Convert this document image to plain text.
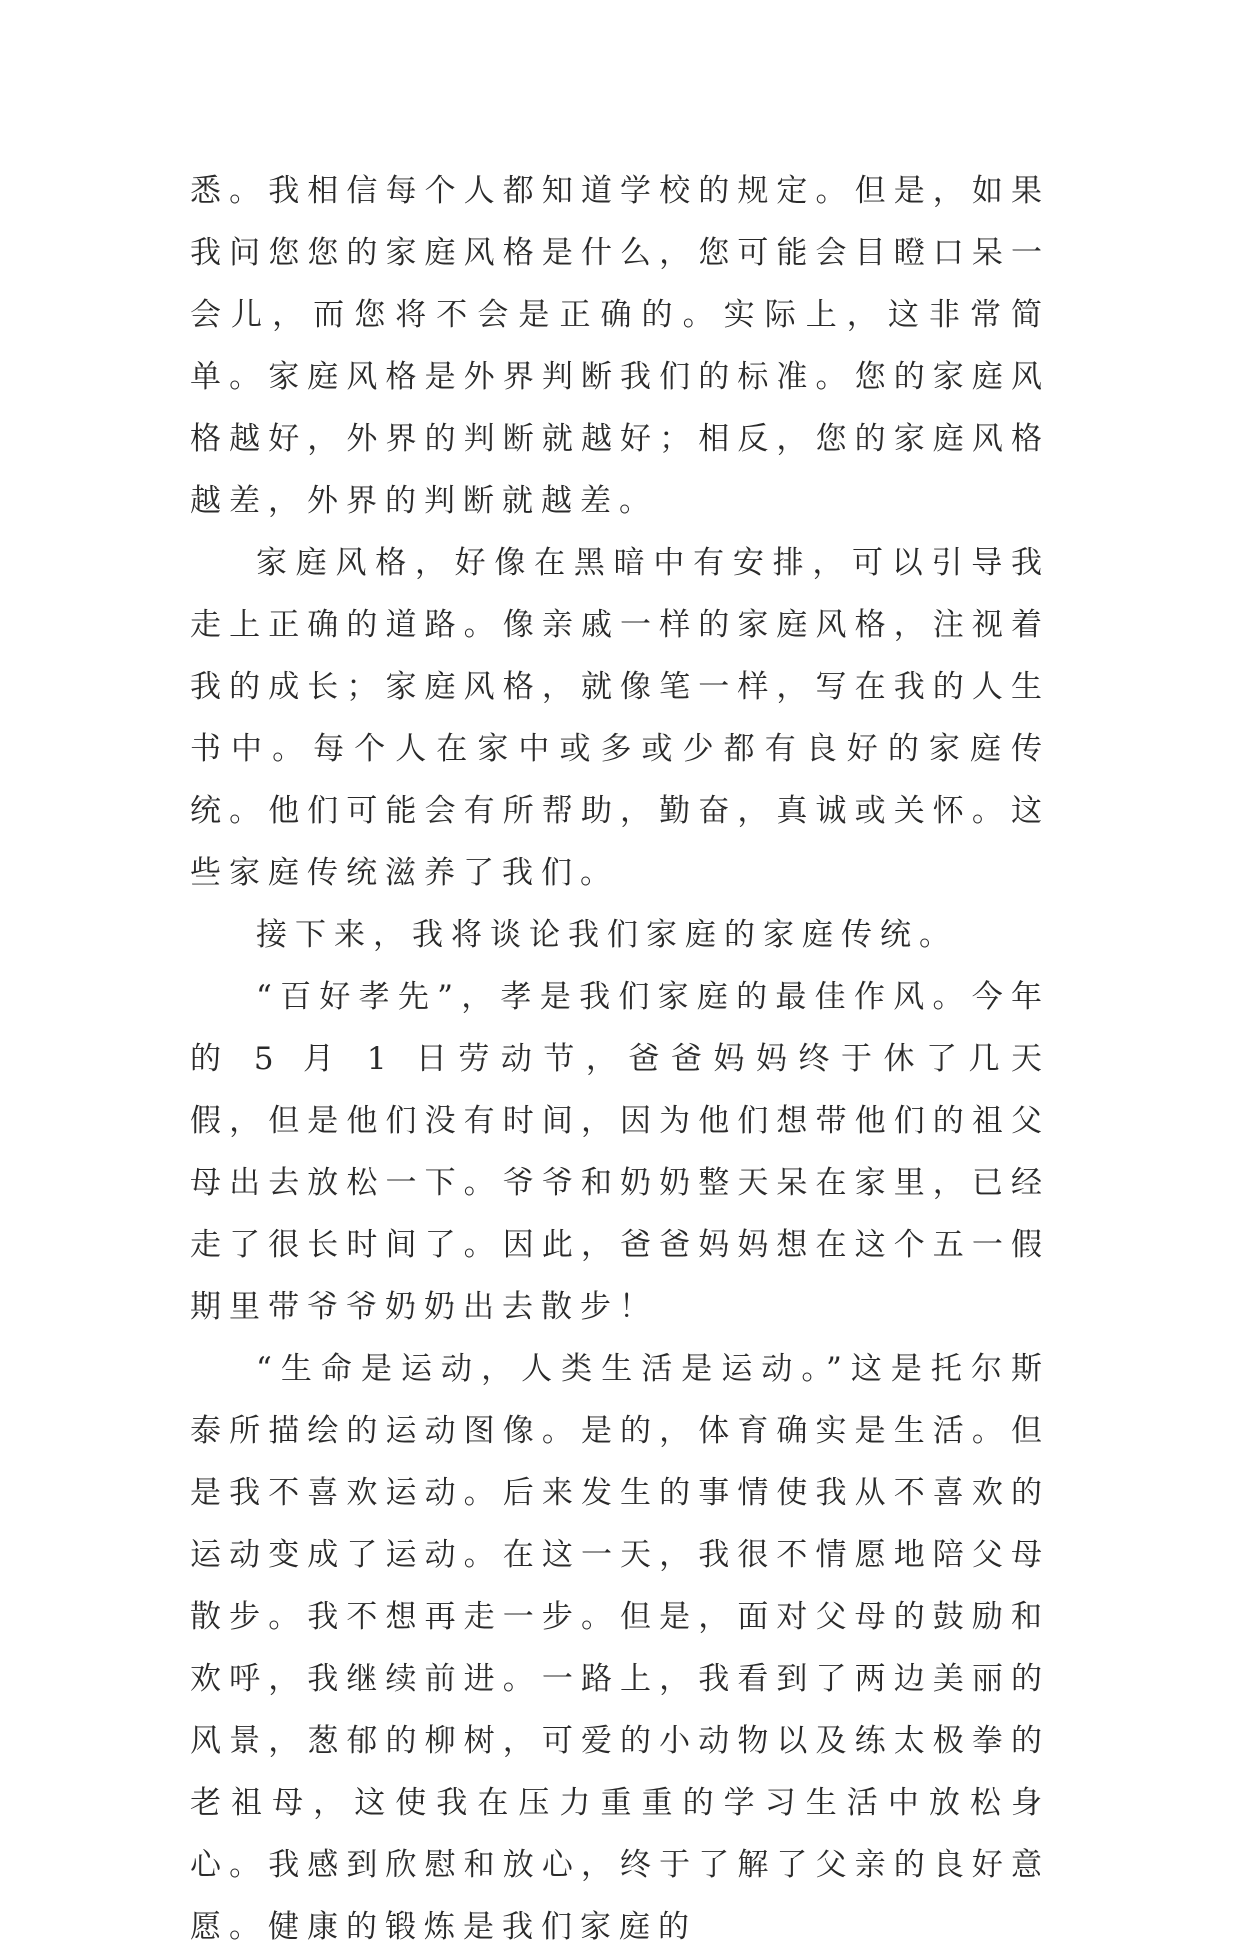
悉。我相信每个人都知道学校的规定。但是，如果我问您您的家庭风格是什么，您可能会目瞪口呆一会儿，而您将不会是正确的。实际上，这非常简单。家庭风格是外界判断我们的标准。您的家庭风格越好，外界的判断就越好；相反，您的家庭风格越差，外界的判断就越差。

家庭风格，好像在黑暗中有安排，可以引导我走上正确的道路。像亲戚一样的家庭风格，注视着我的成长；家庭风格，就像笔一样，写在我的人生书中。每个人在家中或多或少都有良好的家庭传统。他们可能会有所帮助，勤奋，真诚或关怀。这些家庭传统滋养了我们。

接下来，我将谈论我们家庭的家庭传统。

“百好孝先”，孝是我们家庭的最佳作风。今年的 5 月 1 日劳动节，爸爸妈妈终于休了几天假，但是他们没有时间，因为他们想带他们的祖父母出去放松一下。爷爷和奶奶整天呆在家里，已经走了很长时间了。因此，爸爸妈妈想在这个五一假期里带爷爷奶奶出去散步！

“生命是运动，人类生活是运动。”这是托尔斯泰所描绘的运动图像。是的，体育确实是生活。但是我不喜欢运动。后来发生的事情使我从不喜欢的运动变成了运动。在这一天，我很不情愿地陪父母散步。我不想再走一步。但是，面对父母的鼓励和欢呼，我继续前进。一路上，我看到了两边美丽的风景，葱郁的柳树，可爱的小动物以及练太极拳的老祖母，这使我在压力重重的学习生活中放松身心。我感到欣慰和放心，终于了解了父亲的良好意愿。健康的锻炼是我们家庭的
